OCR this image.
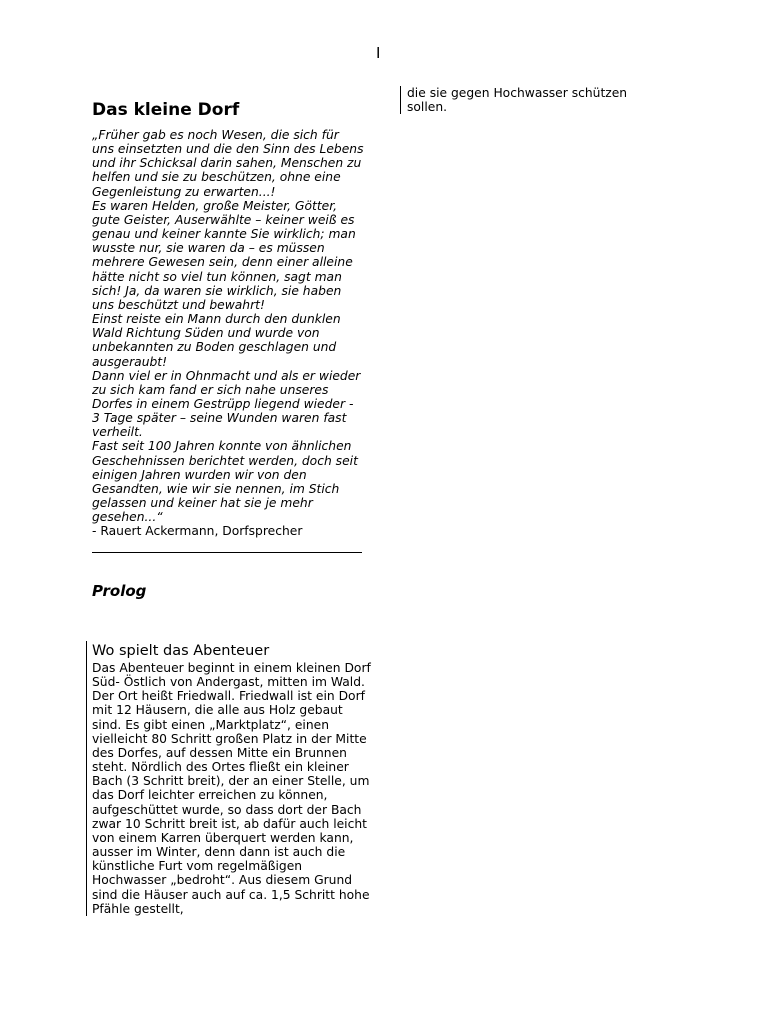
I
Das kleine Dorf

„Früher gab es noch Wesen, die sich für uns einsetzten und die den Sinn des Lebens und ihr Schicksal darin sahen, Menschen zu helfen und sie zu beschützen, ohne eine Gegenleistung zu erwarten...!

Es waren Helden, große Meister, Götter, gute Geister, Auserwählte – keiner weiß es genau und keiner kannte Sie wirklich; man wusste nur, sie waren da – es müssen mehrere Gewesen sein, denn einer alleine hätte nicht so viel tun können, sagt man sich! Ja, da waren sie wirklich, sie haben uns beschützt und bewahrt!

Einst reiste ein Mann durch den dunklen Wald Richtung Süden und wurde von unbekannten zu Boden geschlagen und ausgeraubt!

Dann viel er in Ohnmacht und als er wieder zu sich kam fand er sich nahe unseres Dorfes in einem Gestrüpp liegend wieder - 3 Tage später – seine Wunden waren fast verheilt.

Fast seit 100 Jahren konnte von ähnlichen Geschehnissen berichtet werden, doch seit einigen Jahren wurden wir von den Gesandten, wie wir sie nennen, im Stich gelassen und keiner hat sie je mehr gesehen...“

- Rauert Ackermann, Dorfsprecher

Prolog
Wo spielt das Abenteuer

Das Abenteuer beginnt in einem kleinen Dorf Süd- Östlich von Andergast, mitten im Wald. Der Ort heißt Friedwall. Friedwall ist ein Dorf mit 12 Häusern, die alle aus Holz gebaut sind. Es gibt einen „Marktplatz“, einen vielleicht 80 Schritt großen Platz in der Mitte des Dorfes, auf dessen Mitte ein Brunnen steht. Nördlich des Ortes fließt ein kleiner Bach (3 Schritt breit), der an einer Stelle, um das Dorf leichter erreichen zu können, aufgeschüttet wurde, so dass dort der Bach zwar 10 Schritt breit ist, ab dafür auch leicht von einem Karren überquert werden kann, ausser im Winter, denn dann ist auch die künstliche Furt vom regelmäßigen Hochwasser „bedroht“. Aus diesem Grund sind die Häuser auch auf ca. 1,5 Schritt hohe Pfähle gestellt,

die sie gegen Hochwasser schützen sollen.
